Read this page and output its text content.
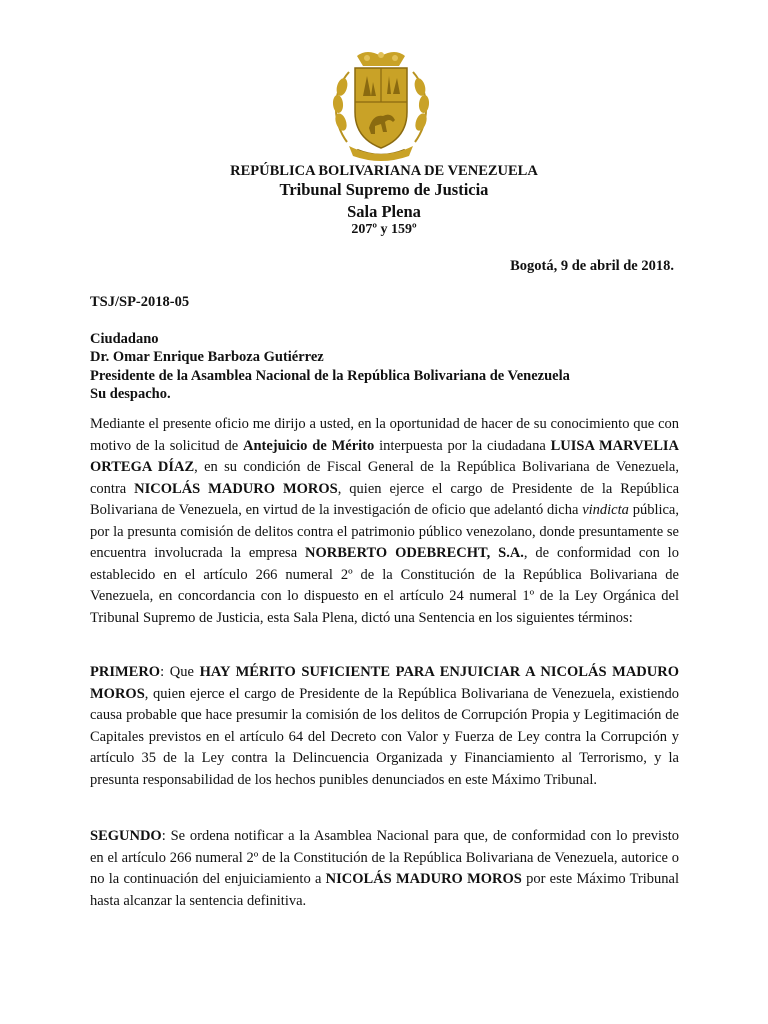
REPÚBLICA BOLIVARIANA DE VENEZUELA
Tribunal Supremo de Justicia
Sala Plena
207º y 159º
Bogotá, 9 de abril de 2018.
TSJ/SP-2018-05
Ciudadano
Dr. Omar Enrique Barboza Gutiérrez
Presidente de la Asamblea Nacional de la República Bolivariana de Venezuela
Su despacho.
Mediante el presente oficio me dirijo a usted, en la oportunidad de hacer de su conocimiento que con motivo de la solicitud de Antejuicio de Mérito interpuesta por la ciudadana LUISA MARVELIA ORTEGA DÍAZ, en su condición de Fiscal General de la República Bolivariana de Venezuela, contra NICOLÁS MADURO MOROS, quien ejerce el cargo de Presidente de la República Bolivariana de Venezuela, en virtud de la investigación de oficio que adelantó dicha vindicta pública, por la presunta comisión de delitos contra el patrimonio público venezolano, donde presuntamente se encuentra involucrada la empresa NORBERTO ODEBRECHT, S.A., de conformidad con lo establecido en el artículo 266 numeral 2º de la Constitución de la República Bolivariana de Venezuela, en concordancia con lo dispuesto en el artículo 24 numeral 1º de la Ley Orgánica del Tribunal Supremo de Justicia, esta Sala Plena, dictó una Sentencia en los siguientes términos:
PRIMERO: Que HAY MÉRITO SUFICIENTE PARA ENJUICIAR A NICOLÁS MADURO MOROS, quien ejerce el cargo de Presidente de la República Bolivariana de Venezuela, existiendo causa probable que hace presumir la comisión de los delitos de Corrupción Propia y Legitimación de Capitales previstos en el artículo 64 del Decreto con Valor y Fuerza de Ley contra la Corrupción y artículo 35 de la Ley contra la Delincuencia Organizada y Financiamiento al Terrorismo, y la presunta responsabilidad de los hechos punibles denunciados en este Máximo Tribunal.
SEGUNDO: Se ordena notificar a la Asamblea Nacional para que, de conformidad con lo previsto en el artículo 266 numeral 2º de la Constitución de la República Bolivariana de Venezuela, autorice o no la continuación del enjuiciamiento a NICOLÁS MADURO MOROS por este Máximo Tribunal hasta alcanzar la sentencia definitiva.
